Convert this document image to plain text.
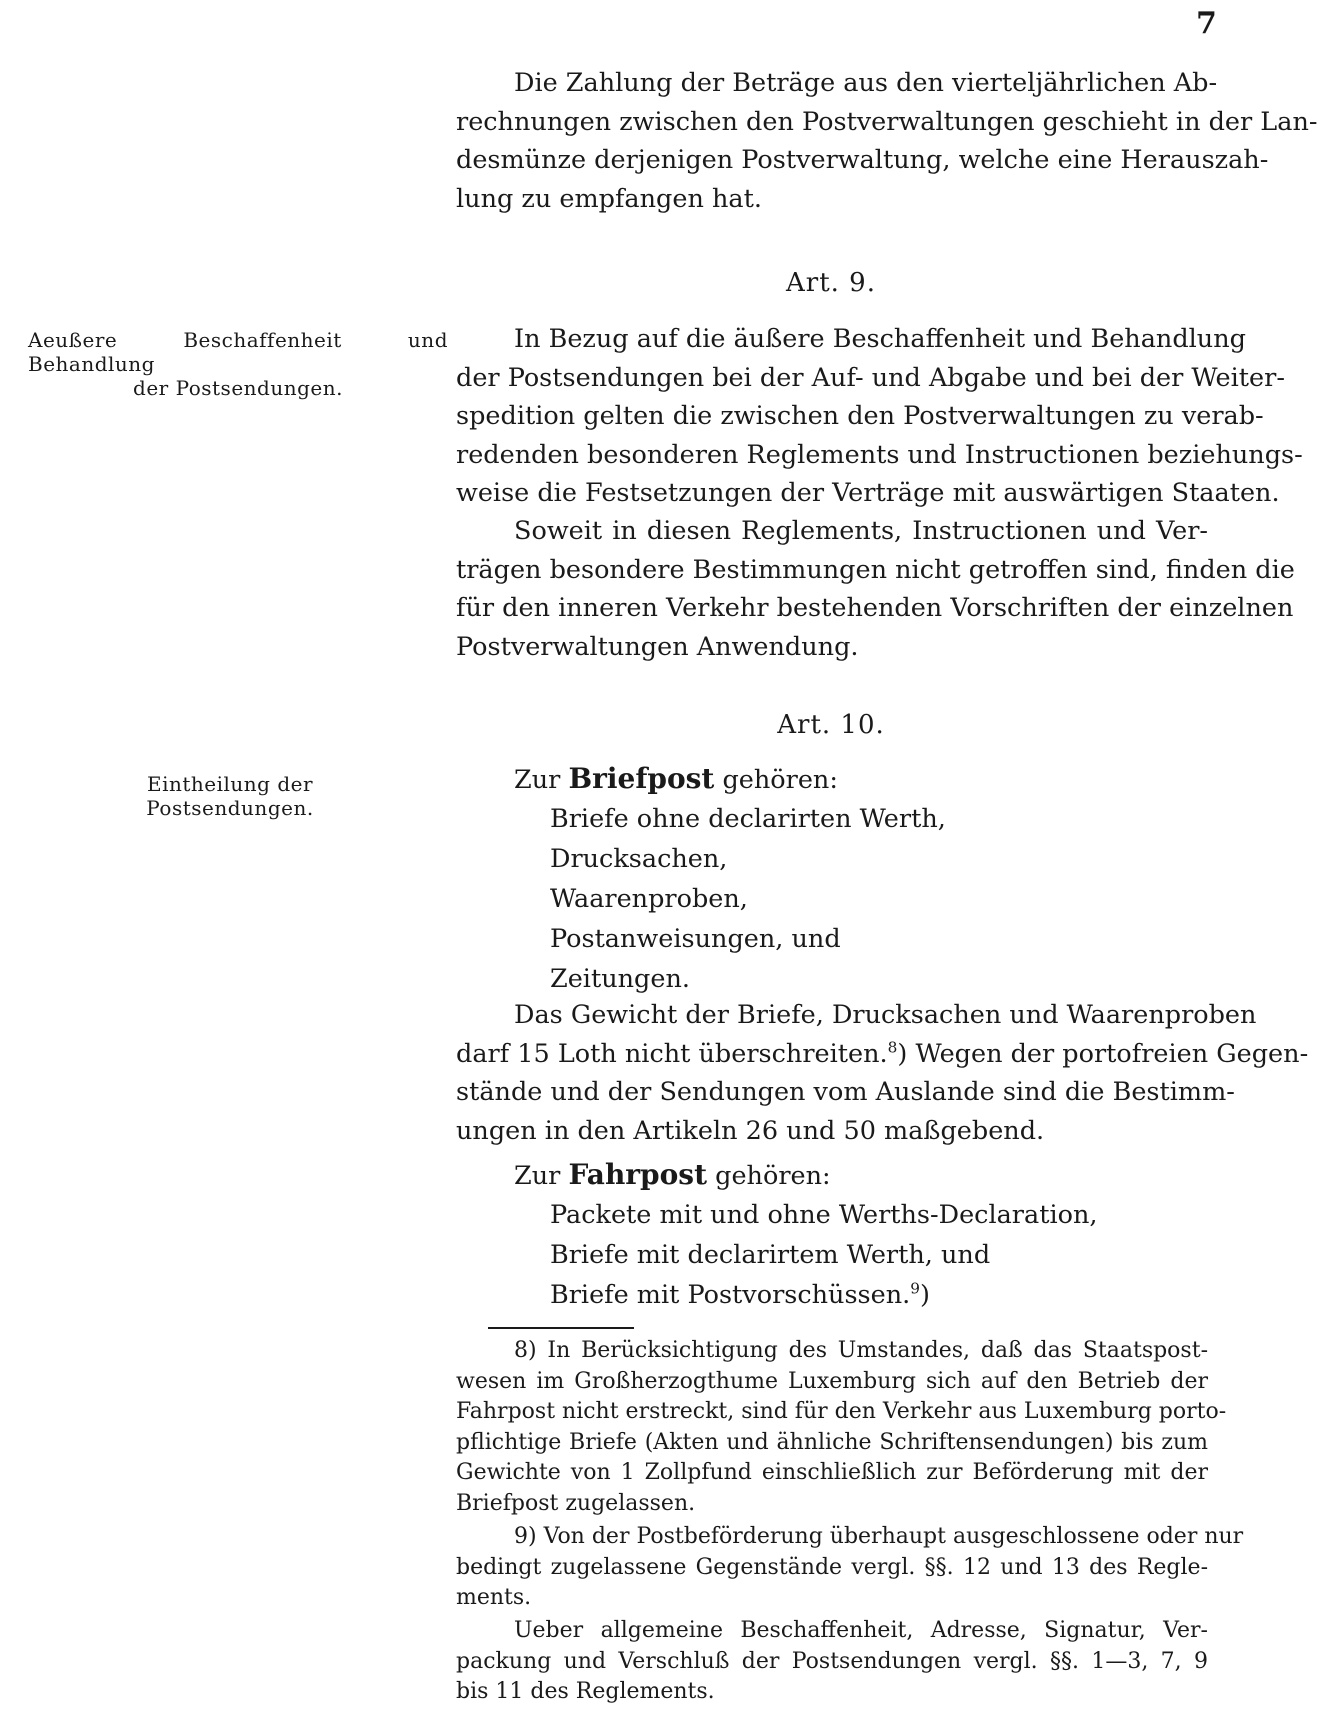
7
Die Zahlung der Beträge aus den vierteljährlichen Ab-
rechnungen zwischen den Postverwaltungen geschieht in der Lan-
desmünze derjenigen Postverwaltung, welche eine Herauszah-
lung zu empfangen hat.
Art. 9.
Aeußere Beschaffenheit und Behandlung
der Postsendungen.
In Bezug auf die äußere Beschaffenheit und Behandlung
der Postsendungen bei der Auf- und Abgabe und bei der Weiter-
spedition gelten die zwischen den Postverwaltungen zu verab-
redenden besonderen Reglements und Instructionen beziehungs-
weise die Festsetzungen der Verträge mit auswärtigen Staaten.
Soweit in diesen Reglements, Instructionen und Ver-
trägen besondere Bestimmungen nicht getroffen sind, finden die
für den inneren Verkehr bestehenden Vorschriften der einzelnen
Postverwaltungen Anwendung.
Art. 10.
Eintheilung der Postsendungen.
Zur Briefpost gehören:
Briefe ohne declarirten Werth,
Drucksachen,
Waarenproben,
Postanweisungen, und
Zeitungen.
Das Gewicht der Briefe, Drucksachen und Waarenproben
darf 15 Loth nicht überschreiten.$^8$) Wegen der portofreien Gegen-
stände und der Sendungen vom Auslande sind die Bestimm-
ungen in den Artikeln 26 und 50 maßgebend.
Zur Fahrpost gehören:
Packete mit und ohne Werths-Declaration,
Briefe mit declarirtem Werth, und
Briefe mit Postvorschüssen.$^9$)
8) In Berücksichtigung des Umstandes, daß das Staatspost-
wesen im Großherzogthume Luxemburg sich auf den Betrieb der
Fahrpost nicht erstreckt, sind für den Verkehr aus Luxemburg porto-
pflichtige Briefe (Akten und ähnliche Schriftensendungen) bis zum
Gewichte von 1 Zollpfund einschließlich zur Beförderung mit der
Briefpost zugelassen.
9) Von der Postbeförderung überhaupt ausgeschlossene oder nur
bedingt zugelassene Gegenstände vergl. §§. 12 und 13 des Regle-
ments.
Ueber allgemeine Beschaffenheit, Adresse, Signatur, Ver-
packung und Verschluß der Postsendungen vergl. §§. 1—3, 7, 9
bis 11 des Reglements.
